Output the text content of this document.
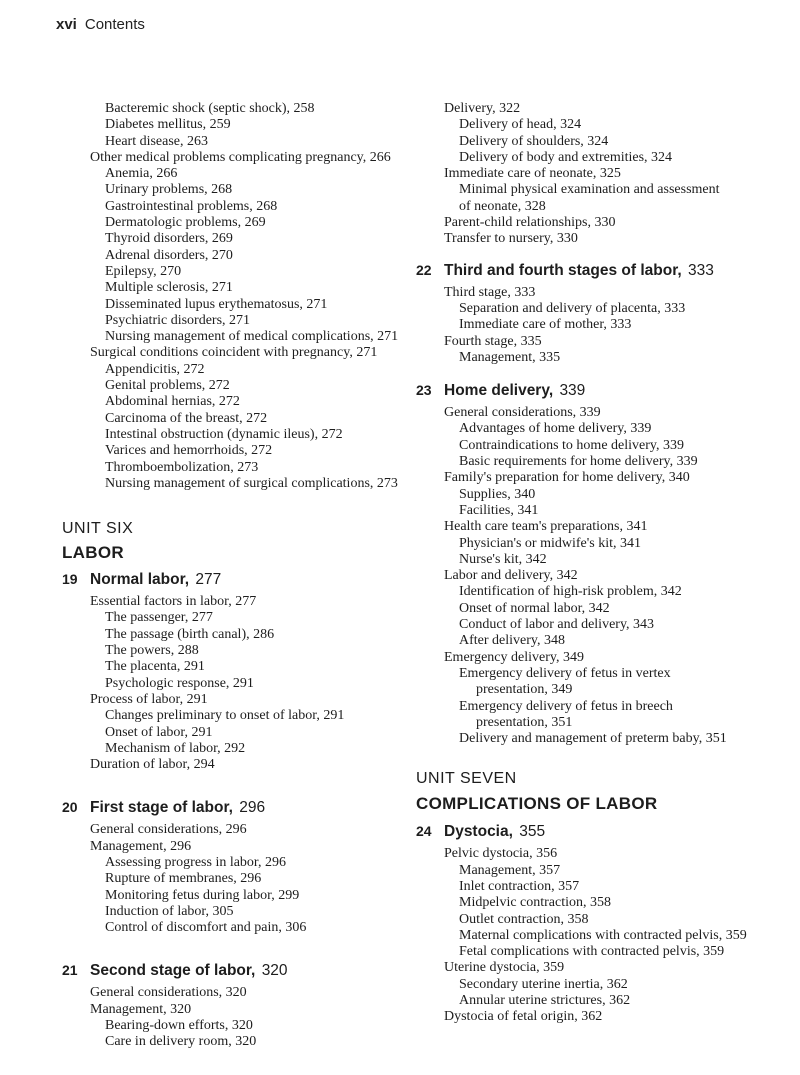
xvi Contents
Bacteremic shock (septic shock), 258
Diabetes mellitus, 259
Heart disease, 263
Other medical problems complicating pregnancy, 266
Anemia, 266
Urinary problems, 268
Gastrointestinal problems, 268
Dermatologic problems, 269
Thyroid disorders, 269
Adrenal disorders, 270
Epilepsy, 270
Multiple sclerosis, 271
Disseminated lupus erythematosus, 271
Psychiatric disorders, 271
Nursing management of medical complications, 271
Surgical conditions coincident with pregnancy, 271
Appendicitis, 272
Genital problems, 272
Abdominal hernias, 272
Carcinoma of the breast, 272
Intestinal obstruction (dynamic ileus), 272
Varices and hemorrhoids, 272
Thromboembolization, 273
Nursing management of surgical complications, 273
UNIT SIX
LABOR
19 Normal labor,
277
Essential factors in labor, 277
The passenger, 277
The passage (birth canal), 286
The powers, 288
The placenta, 291
Psychologic response, 291
Process of labor, 291
Changes preliminary to onset of labor, 291
Onset of labor, 291
Mechanism of labor, 292
Duration of labor, 294
20 First stage of labor,
296
General considerations, 296
Management, 296
Assessing progress in labor, 296
Rupture of membranes, 296
Monitoring fetus during labor, 299
Induction of labor, 305
Control of discomfort and pain, 306
21 Second stage of labor,
320
General considerations, 320
Management, 320
Bearing-down efforts, 320
Care in delivery room, 320
Delivery, 322
Delivery of head, 324
Delivery of shoulders, 324
Delivery of body and extremities, 324
Immediate care of neonate, 325
Minimal physical examination and assessment
of neonate, 328
Parent-child relationships, 330
Transfer to nursery, 330
22 Third and fourth stages of labor,
333
Third stage, 333
Separation and delivery of placenta, 333
Immediate care of mother, 333
Fourth stage, 335
Management, 335
23 Home delivery,
339
General considerations, 339
Advantages of home delivery, 339
Contraindications to home delivery, 339
Basic requirements for home delivery, 339
Family's preparation for home delivery, 340
Supplies, 340
Facilities, 341
Health care team's preparations, 341
Physician's or midwife's kit, 341
Nurse's kit, 342
Labor and delivery, 342
Identification of high-risk problem, 342
Onset of normal labor, 342
Conduct of labor and delivery, 343
After delivery, 348
Emergency delivery, 349
Emergency delivery of fetus in vertex
presentation, 349
Emergency delivery of fetus in breech
presentation, 351
Delivery and management of preterm baby, 351
UNIT SEVEN
COMPLICATIONS OF LABOR
24 Dystocia,
355
Pelvic dystocia, 356
Management, 357
Inlet contraction, 357
Midpelvic contraction, 358
Outlet contraction, 358
Maternal complications with contracted pelvis, 359
Fetal complications with contracted pelvis, 359
Uterine dystocia, 359
Secondary uterine inertia, 362
Annular uterine strictures, 362
Dystocia of fetal origin, 362
